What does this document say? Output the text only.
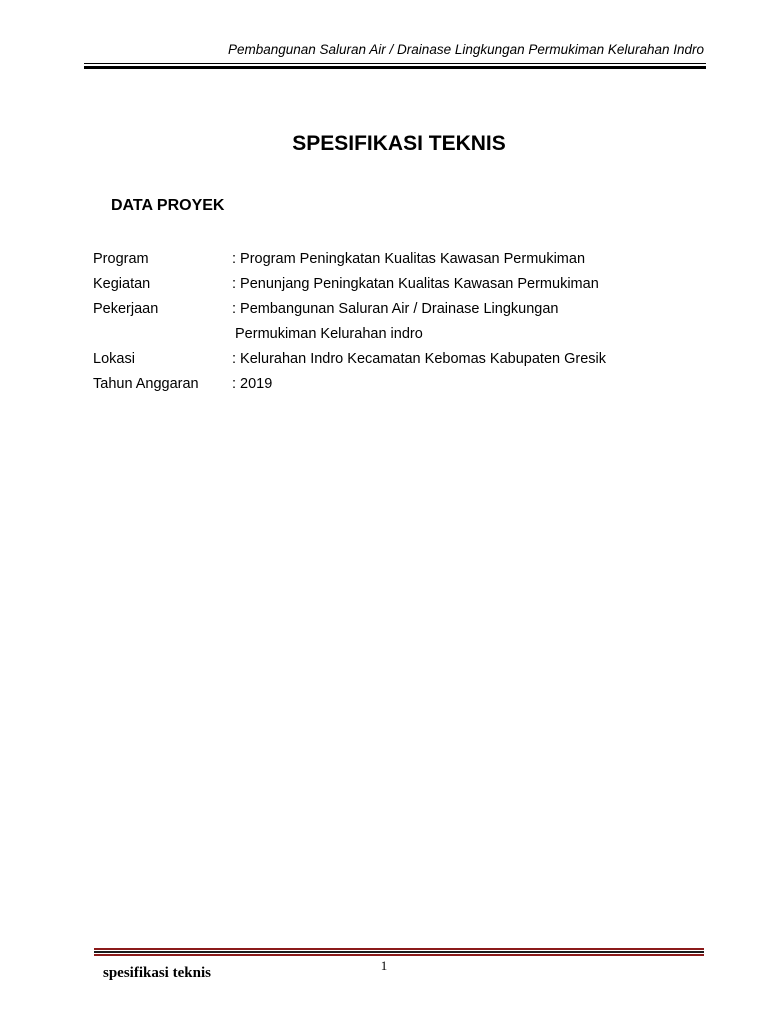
Pembangunan Saluran Air / Drainase Lingkungan Permukiman Kelurahan Indro
SPESIFIKASI TEKNIS
DATA PROYEK
Program	: Program Peningkatan Kualitas Kawasan Permukiman
Kegiatan	: Penunjang Peningkatan Kualitas Kawasan Permukiman
Pekerjaan	: Pembangunan Saluran Air / Drainase Lingkungan
Permukiman Kelurahan indro
Lokasi	: Kelurahan Indro Kecamatan Kebomas Kabupaten Gresik
Tahun Anggaran : 2019
1
spesifikasi teknis
